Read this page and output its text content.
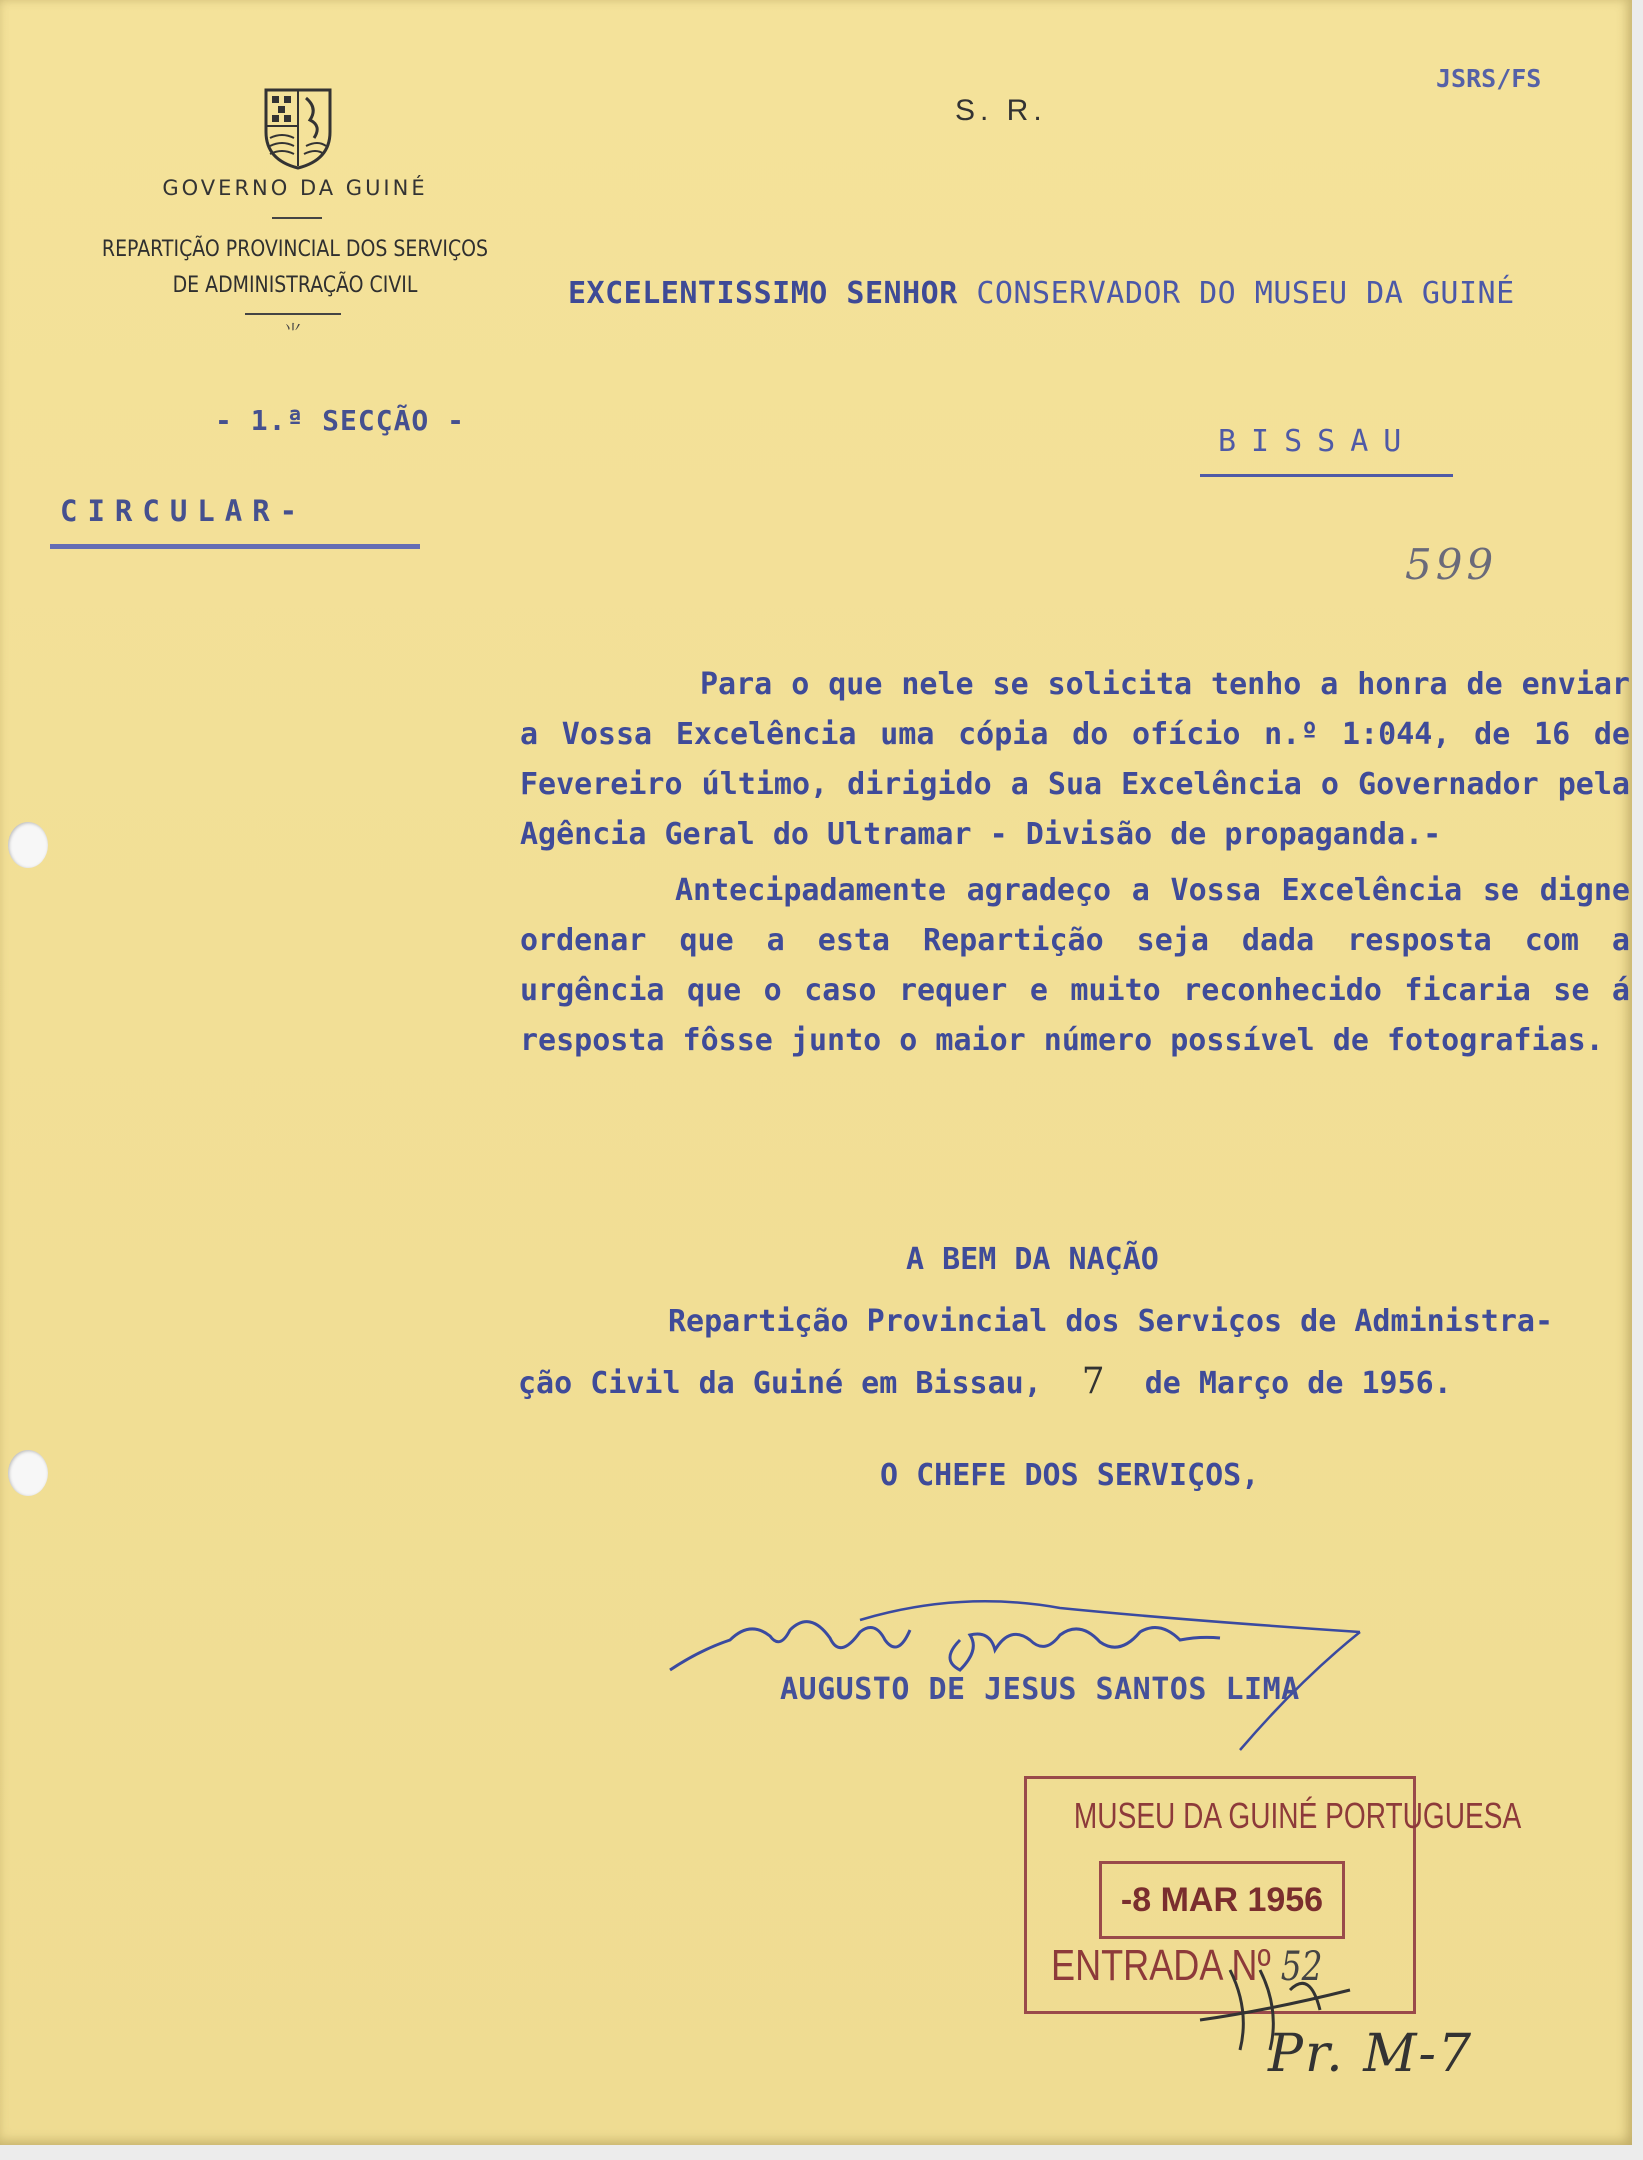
GOVERNO DA GUINÉ
REPARTIÇÃO PROVINCIAL DOS SERVIÇOS
DE ADMINISTRAÇÃO CIVIL
⺌
- 1.ª SECÇÃO -
CIRCULAR-
S. R.
JSRS/FS
EXCELENTISSIMO SENHOR CONSERVADOR DO MUSEU DA GUINÉ
BISSAU
599

Para o que nele se solicita tenho a honra de enviar a Vossa Excelência uma cópia do ofício n.º 1:044, de 16 de Fevereiro último, dirigido a Sua Excelência o Governador pela Agência Geral do Ultramar - Divisão de propaganda.-

Antecipadamente agradeço a Vossa Excelência se digne ordenar que a esta Repartição seja dada resposta com a urgência que o caso requer e muito reconhecido ficaria se á resposta fôsse junto o maior número possível de fotografias.

A BEM DA NAÇÃO
Repartição Provincial dos Serviços de Administra-
ção Civil da Guiné em Bissau, 7 de Março de 1956.
O CHEFE DOS SERVIÇOS,
AUGUSTO DE JESUS SANTOS LIMA
MUSEU DA GUINÉ PORTUGUESA
-8 MAR 1956
ENTRADA Nº 52
Pr. M-7
